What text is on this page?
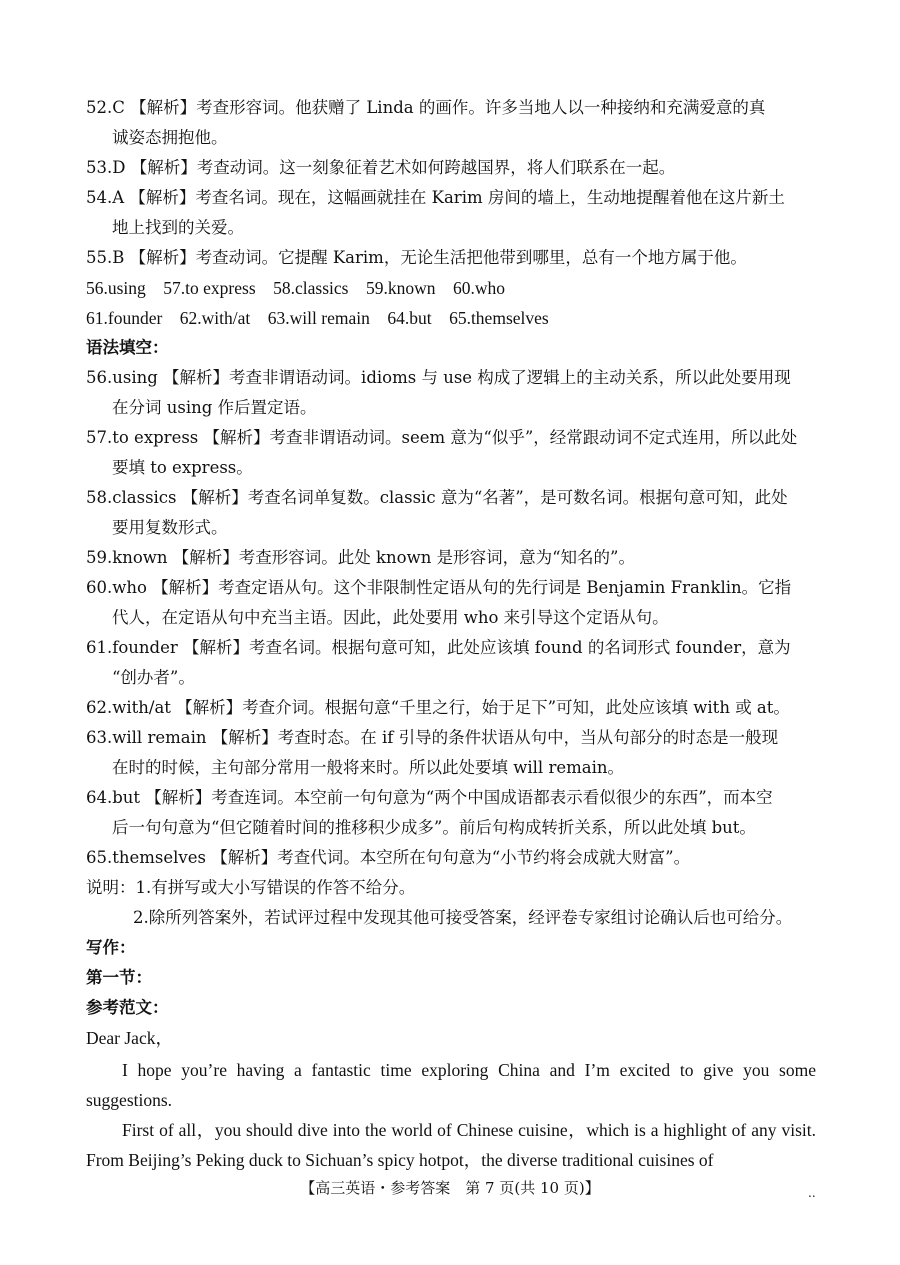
52.C 【解析】考查形容词。他获赠了 Linda 的画作。许多当地人以一种接纳和充满爱意的真
诚姿态拥抱他。
53.D 【解析】考查动词。这一刻象征着艺术如何跨越国界，将人们联系在一起。
54.A 【解析】考查名词。现在，这幅画就挂在 Karim 房间的墙上，生动地提醒着他在这片新土
地上找到的关爱。
55.B 【解析】考查动词。它提醒 Karim，无论生活把他带到哪里，总有一个地方属于他。
56.using    57.to express    58.classics    59.known    60.who
61.founder    62.with/at    63.will remain    64.but    65.themselves
语法填空：
56.using 【解析】考查非谓语动词。idioms 与 use 构成了逻辑上的主动关系，所以此处要用现
在分词 using 作后置定语。
57.to express 【解析】考查非谓语动词。seem 意为“似乎”，经常跟动词不定式连用，所以此处
要填 to express。
58.classics 【解析】考查名词单复数。classic 意为“名著”，是可数名词。根据句意可知，此处
要用复数形式。
59.known 【解析】考查形容词。此处 known 是形容词，意为“知名的”。
60.who 【解析】考查定语从句。这个非限制性定语从句的先行词是 Benjamin Franklin。它指
代人，在定语从句中充当主语。因此，此处要用 who 来引导这个定语从句。
61.founder 【解析】考查名词。根据句意可知，此处应该填 found 的名词形式 founder，意为
“创办者”。
62.with/at 【解析】考查介词。根据句意“千里之行，始于足下”可知，此处应该填 with 或 at。
63.will remain 【解析】考查时态。在 if 引导的条件状语从句中，当从句部分的时态是一般现
在时的时候，主句部分常用一般将来时。所以此处要填 will remain。
64.but 【解析】考查连词。本空前一句句意为“两个中国成语都表示看似很少的东西”，而本空
后一句句意为“但它随着时间的推移积少成多”。前后句构成转折关系，所以此处填 but。
65.themselves 【解析】考查代词。本空所在句句意为“小节约将会成就大财富”。
说明：1.有拼写或大小写错误的作答不给分。
2.除所列答案外，若试评过程中发现其他可接受答案，经评卷专家组讨论确认后也可给分。
写作：
第一节：
参考范文：
Dear Jack，

I hope you’re having a fantastic time exploring China and I’m excited to give you some suggestions.

First of all，you should dive into the world of Chinese cuisine，which is a highlight of any visit. From Beijing’s Peking duck to Sichuan’s spicy hotpot，the diverse traditional cuisines of

【高三英语・参考答案　第 7 页(共 10 页)】	..
